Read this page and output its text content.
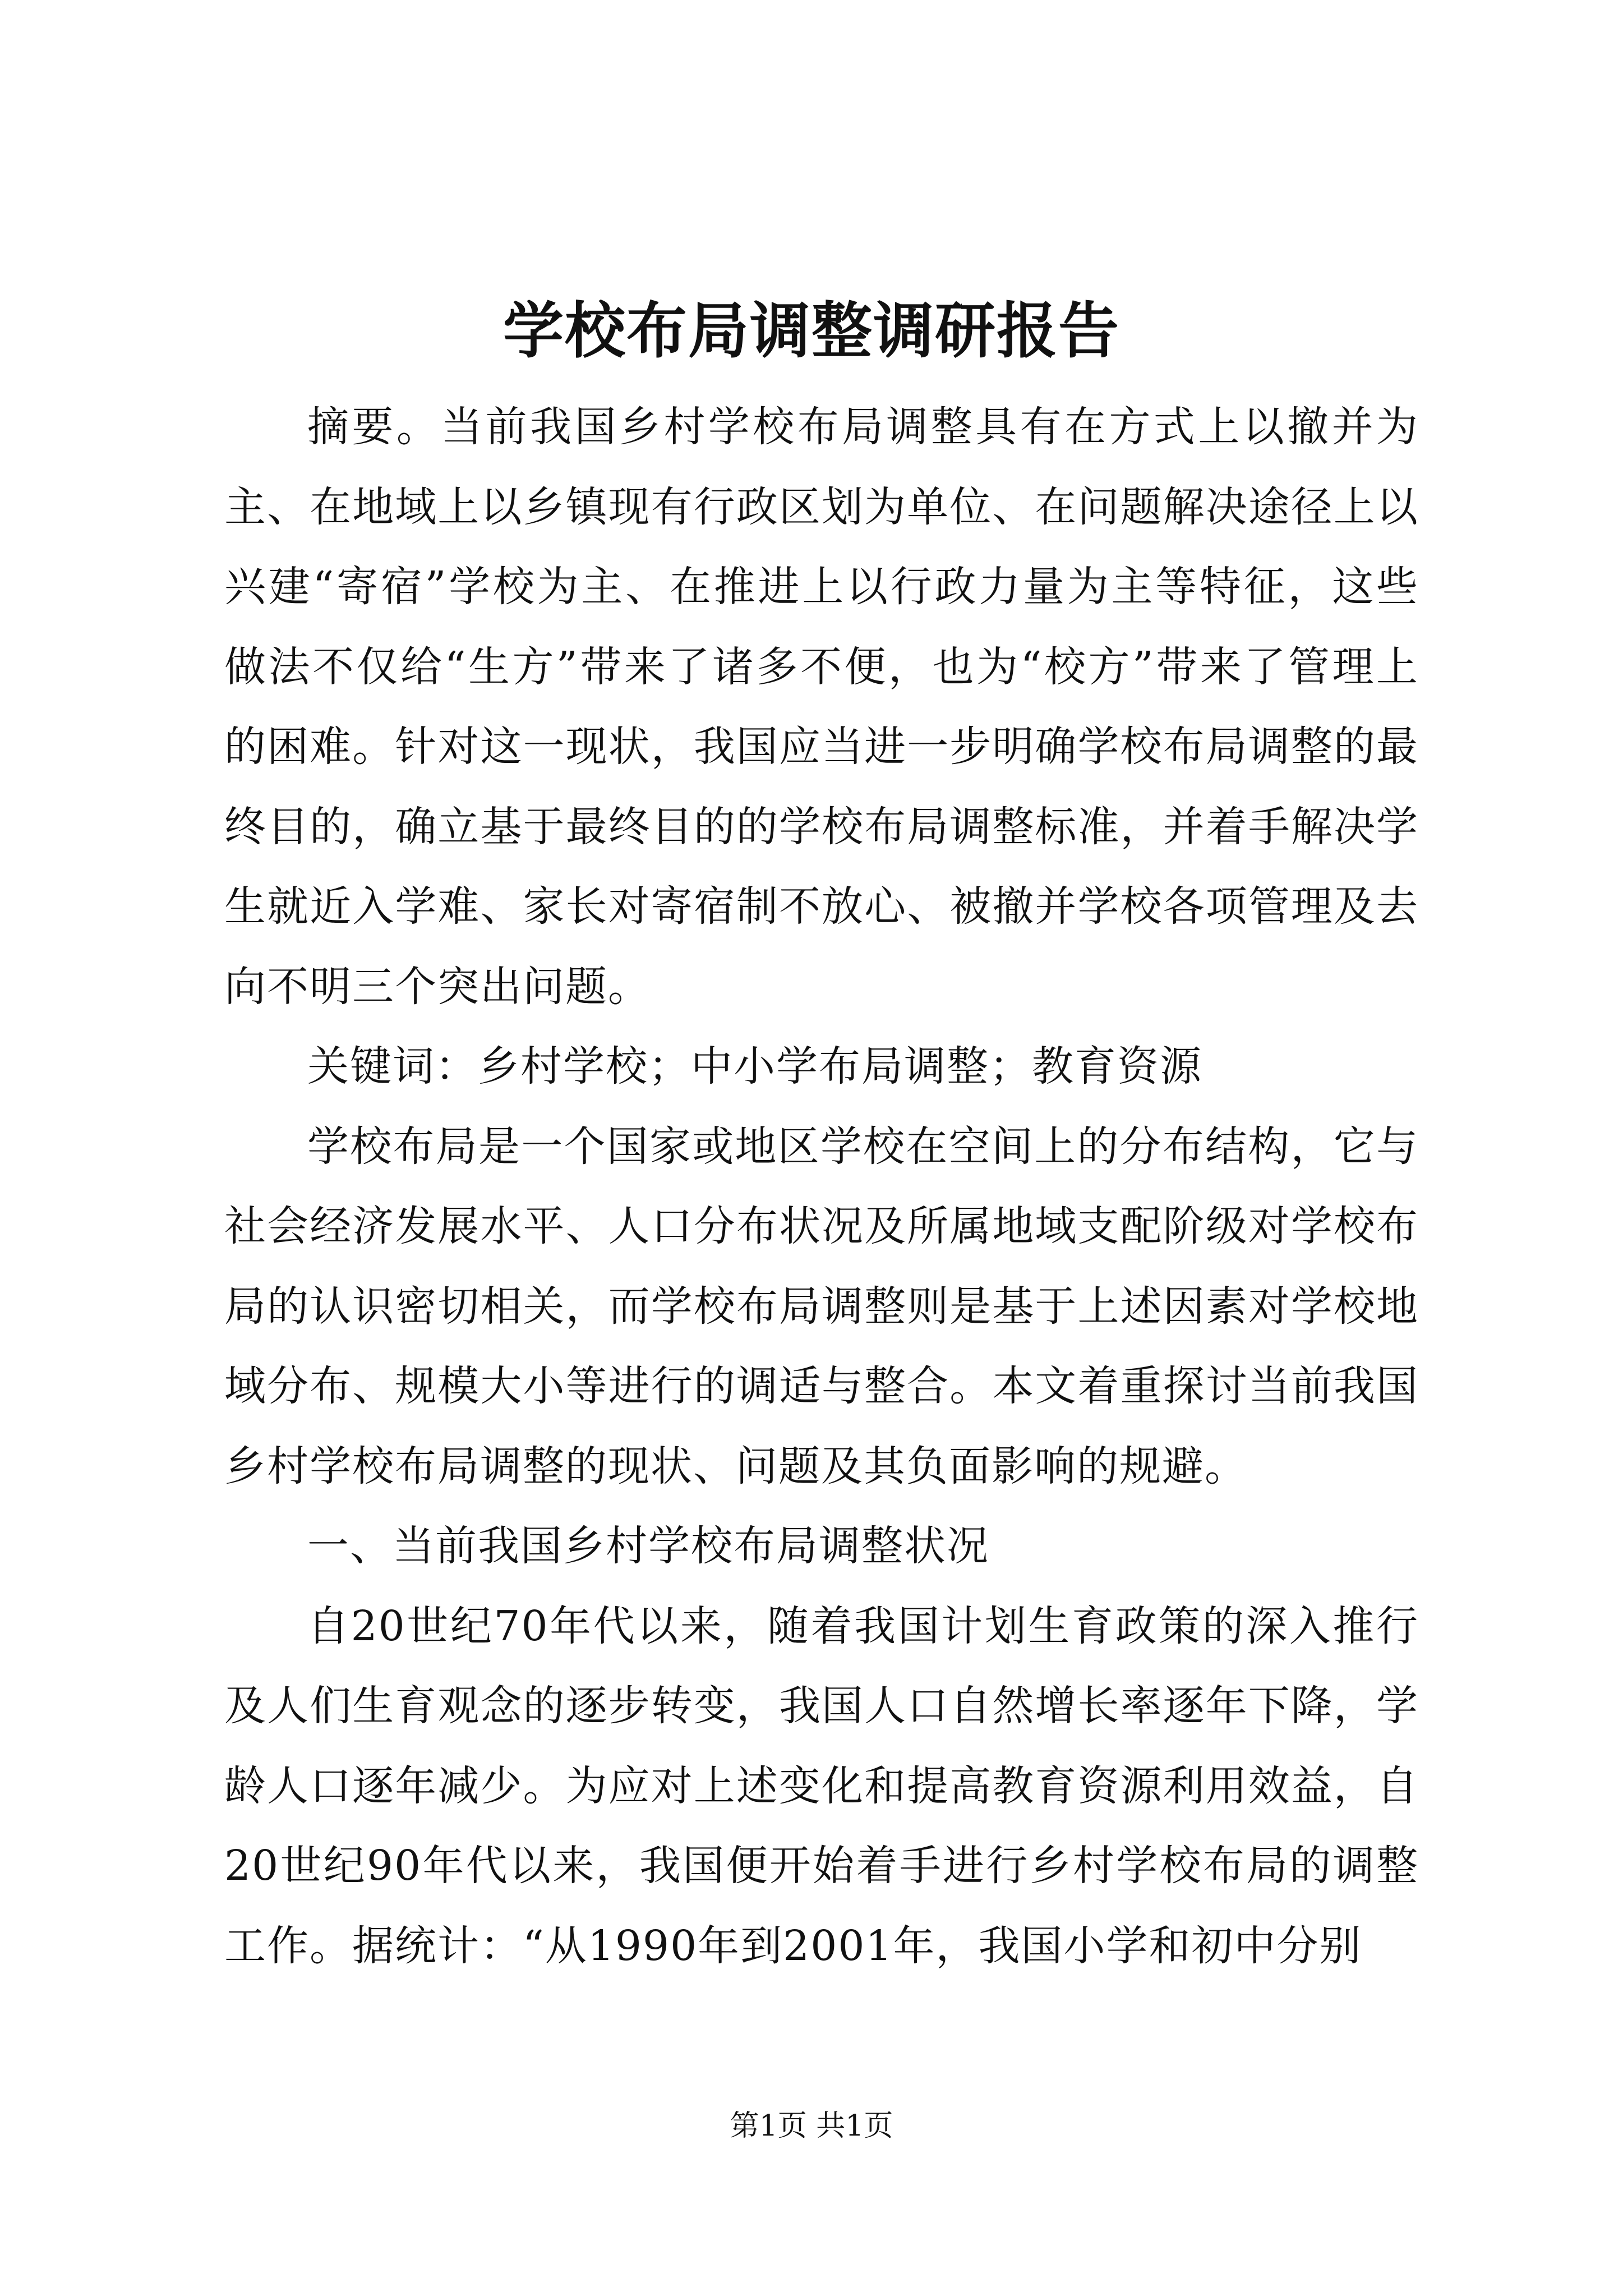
学校布局调整调研报告

摘要。当前我国乡村学校布局调整具有在方式上以撤并为主、在地域上以乡镇现有行政区划为单位、在问题解决途径上以兴建“寄宿”学校为主、在推进上以行政力量为主等特征，这些做法不仅给“生方”带来了诸多不便，也为“校方”带来了管理上的困难。针对这一现状，我国应当进一步明确学校布局调整的最终目的，确立基于最终目的的学校布局调整标准，并着手解决学生就近入学难、家长对寄宿制不放心、被撤并学校各项管理及去向不明三个突出问题。

关键词：乡村学校；中小学布局调整；教育资源

学校布局是一个国家或地区学校在空间上的分布结构，它与社会经济发展水平、人口分布状况及所属地域支配阶级对学校布局的认识密切相关，而学校布局调整则是基于上述因素对学校地域分布、规模大小等进行的调适与整合。本文着重探讨当前我国乡村学校布局调整的现状、问题及其负面影响的规避。

一、当前我国乡村学校布局调整状况

自20世纪70年代以来，随着我国计划生育政策的深入推行及人们生育观念的逐步转变，我国人口自然增长率逐年下降，学龄人口逐年减少。为应对上述变化和提高教育资源利用效益，自20世纪90年代以来，我国便开始着手进行乡村学校布局的调整工作。据统计：“从1990年到2001年，我国小学和初中分别

第1页 共1页
